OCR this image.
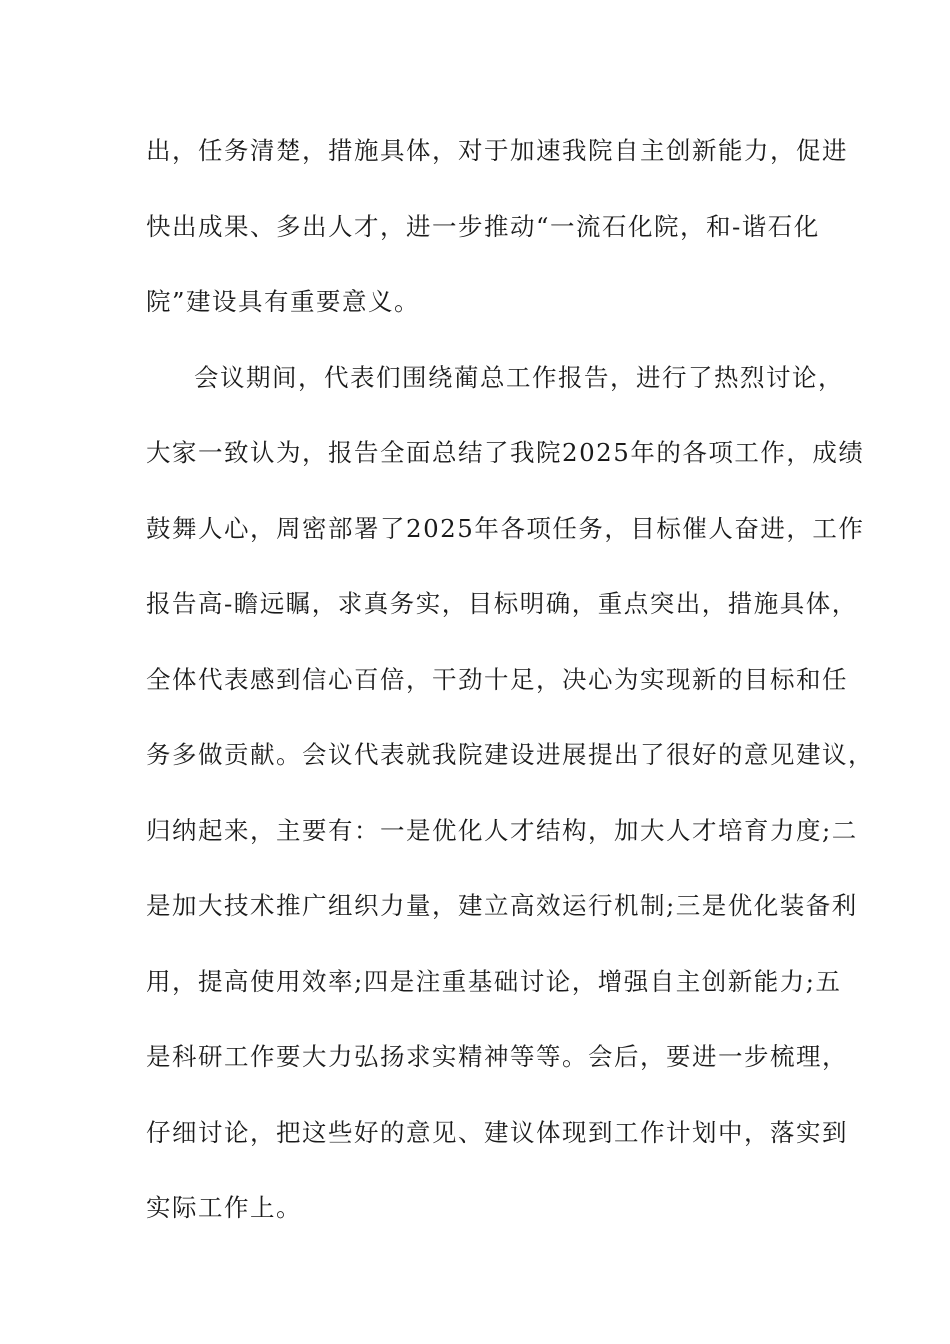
出，任务清楚，措施具体，对于加速我院自主创新能力，促进
快出成果、多出人才，进一步推动“一流石化院，和-谐石化
院”建设具有重要意义。
会议期间，代表们围绕蔺总工作报告，进行了热烈讨论，
大家一致认为，报告全面总结了我院2025年的各项工作，成绩
鼓舞人心，周密部署了2025年各项任务，目标催人奋进，工作
报告高-瞻远瞩，求真务实，目标明确，重点突出，措施具体，
全体代表感到信心百倍，干劲十足，决心为实现新的目标和任
务多做贡献。会议代表就我院建设进展提出了很好的意见建议，
归纳起来，主要有：一是优化人才结构，加大人才培育力度;二
是加大技术推广组织力量，建立高效运行机制;三是优化装备利
用，提高使用效率;四是注重基础讨论，增强自主创新能力;五
是科研工作要大力弘扬求实精神等等。会后，要进一步梳理，
仔细讨论，把这些好的意见、建议体现到工作计划中，落实到
实际工作上。
